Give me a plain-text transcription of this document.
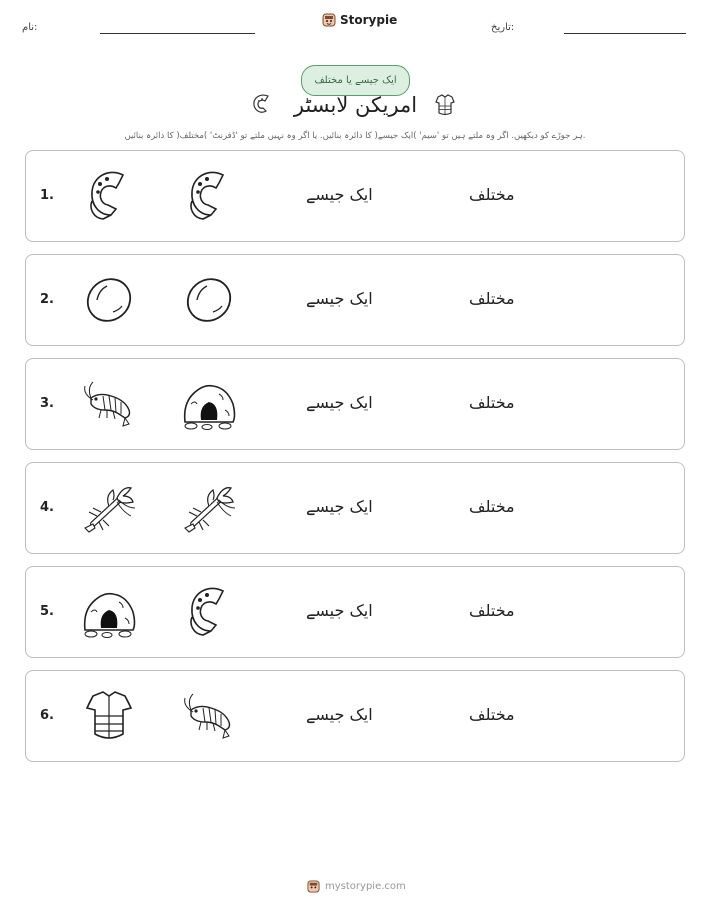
نام:
Storypie
تاریخ:
ایک جیسے یا مختلف
امریکن لابسٹر
ہر جوڑے کو دیکھیں. اگر وہ ملتے ہیں تو 'سیم' )ایک جیسے( کا دائرہ بنائیں. یا اگر وہ نہیں ملتے تو 'ڈفرنٹ' )مختلف( کا دائرہ بنائیں.
1.	ایک جیسے	مختلف
2.	ایک جیسے	مختلف
3.	ایک جیسے	مختلف
4.	ایک جیسے	مختلف
5.	ایک جیسے	مختلف
6.	ایک جیسے	مختلف
mystorypie.com
